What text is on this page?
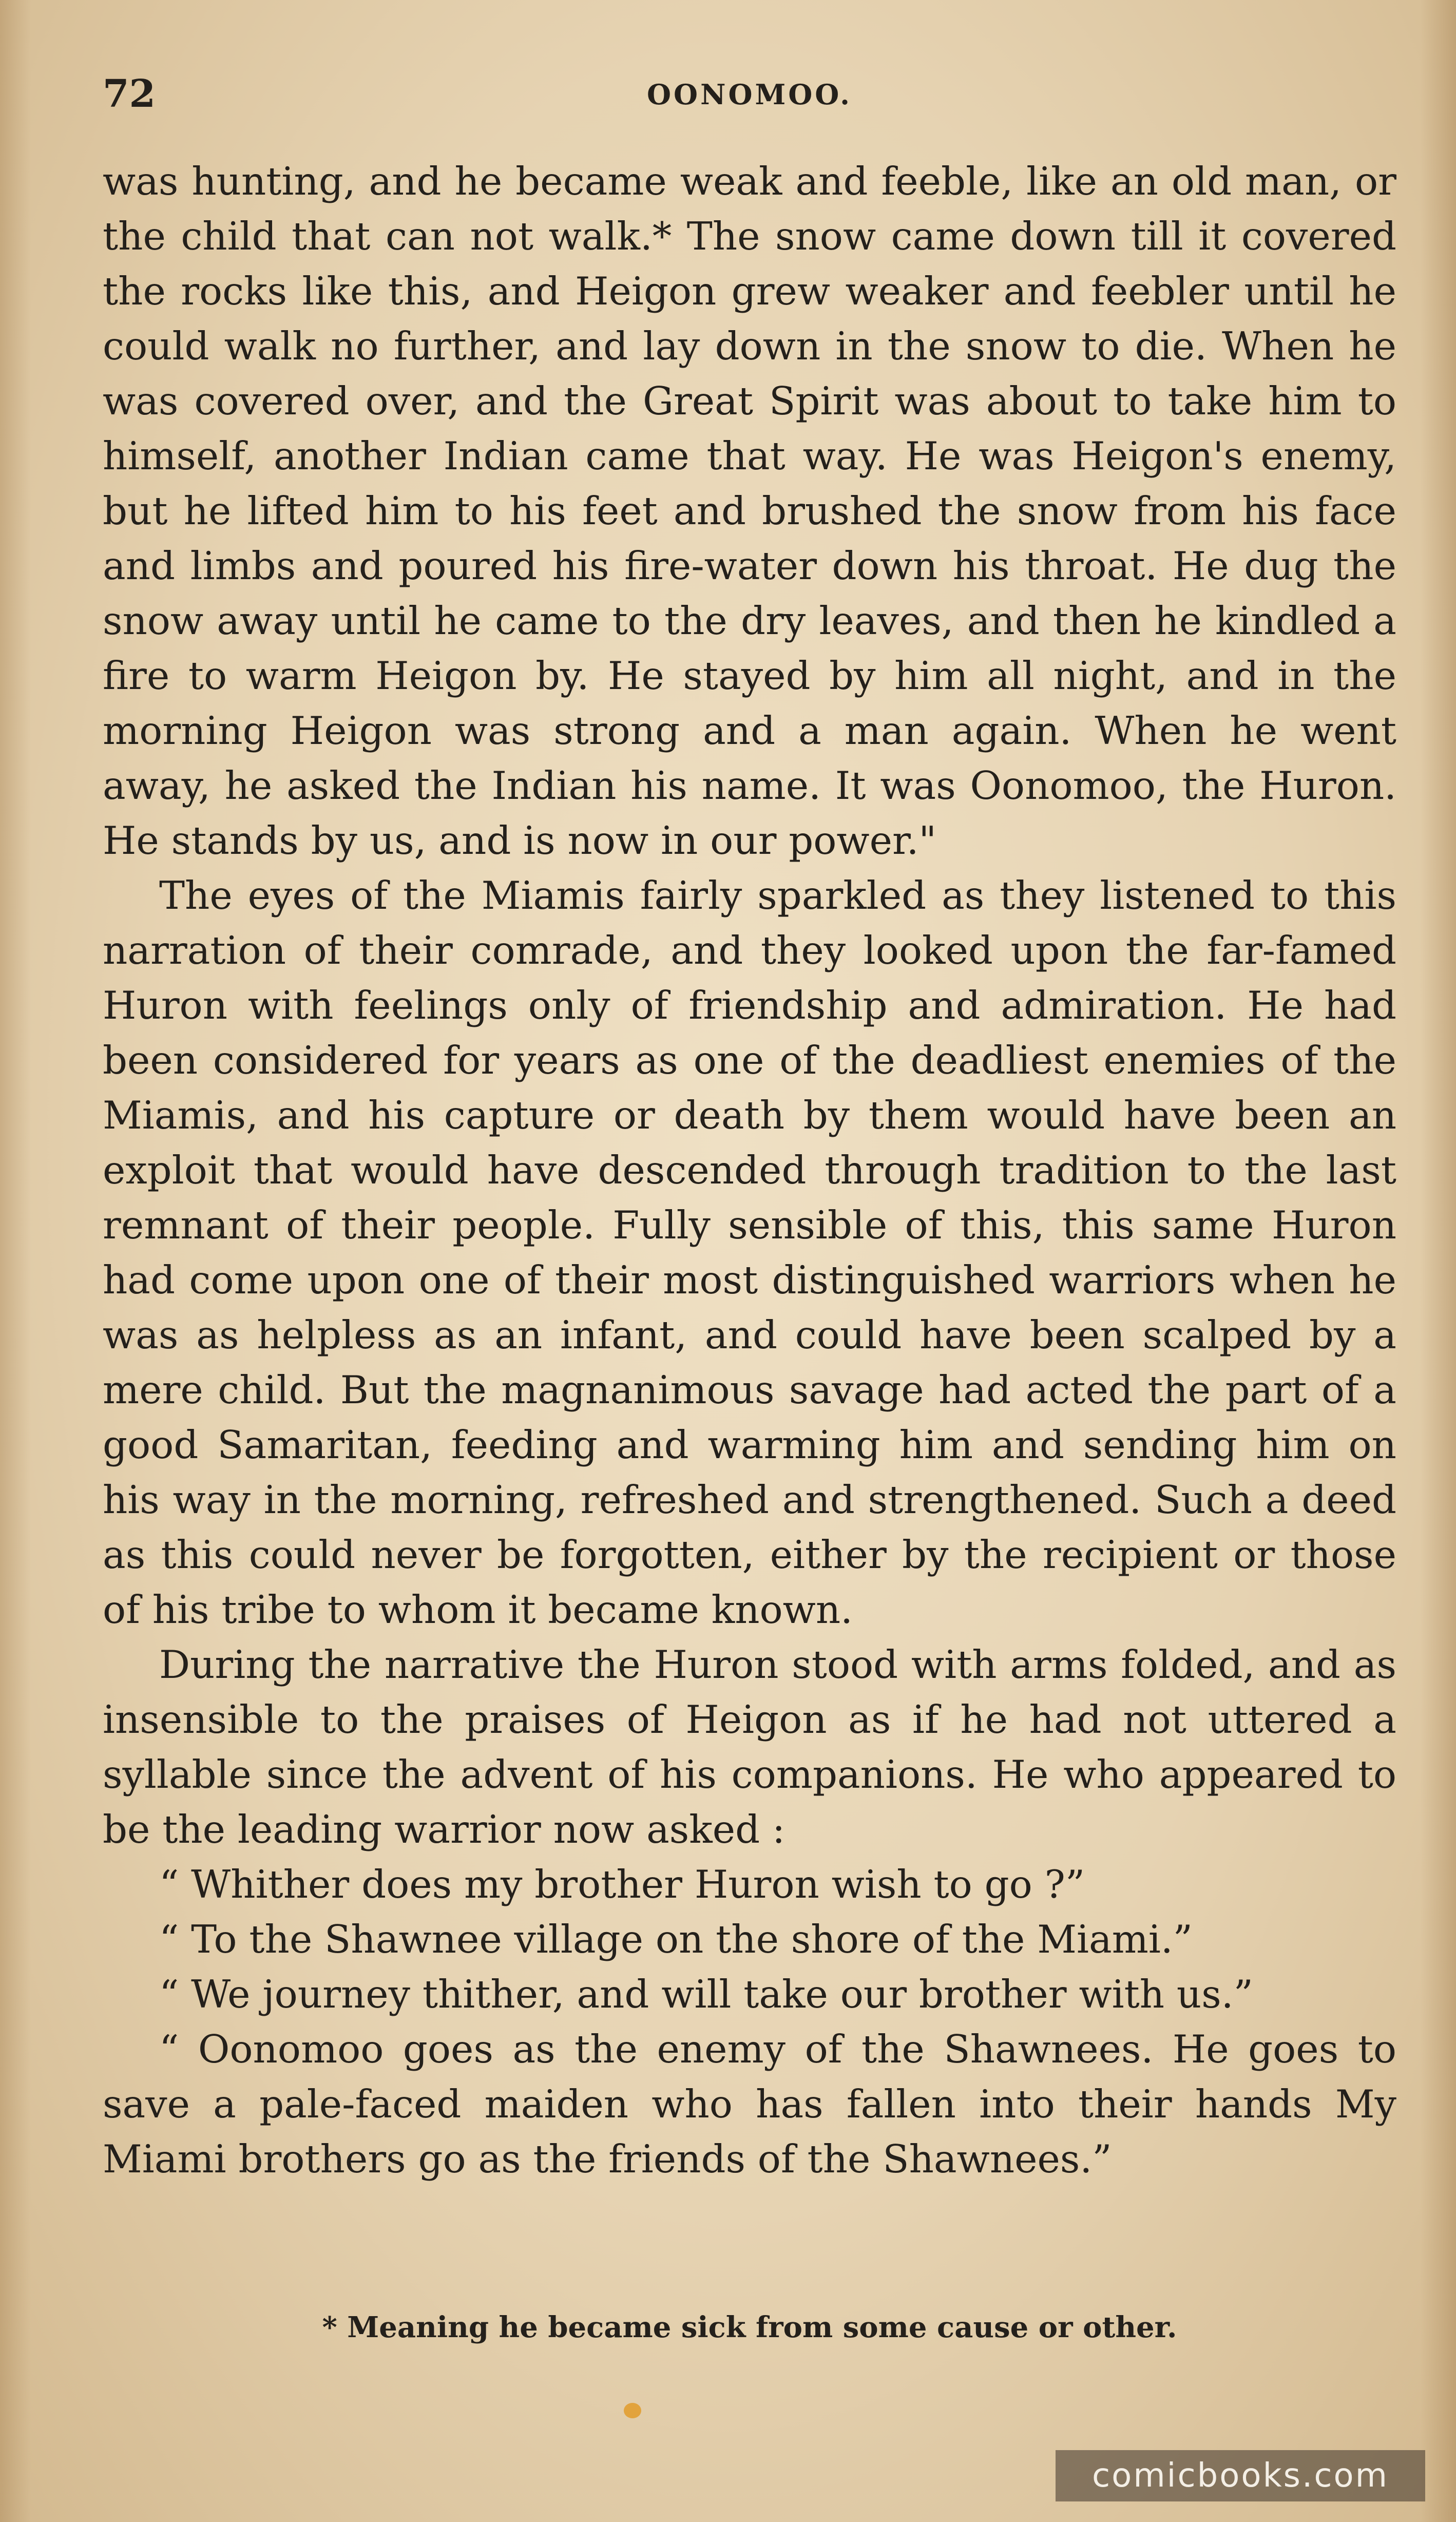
72	OONOMOO.

was hunting, and he became weak and feeble, like an old man, or the child that can not walk.* The snow came down till it covered the rocks like this, and Heigon grew weaker and feebler until he could walk no further, and lay down in the snow to die. When he was covered over, and the Great Spirit was about to take him to himself, another Indian came that way. He was Heigon's enemy, but he lifted him to his feet and brushed the snow from his face and limbs and poured his fire-water down his throat. He dug the snow away until he came to the dry leaves, and then he kindled a fire to warm Heigon by. He stayed by him all night, and in the morning Heigon was strong and a man again. When he went away, he asked the Indian his name. It was Oonomoo, the Huron. He stands by us, and is now in our power."

The eyes of the Miamis fairly sparkled as they listened to this narration of their comrade, and they looked upon the far-famed Huron with feelings only of friendship and admiration. He had been considered for years as one of the deadliest enemies of the Miamis, and his capture or death by them would have been an exploit that would have descended through tradition to the last remnant of their people. Fully sensible of this, this same Huron had come upon one of their most distinguished warriors when he was as helpless as an infant, and could have been scalped by a mere child. But the magnanimous savage had acted the part of a good Samaritan, feeding and warming him and sending him on his way in the morning, refreshed and strengthened. Such a deed as this could never be forgotten, either by the recipient or those of his tribe to whom it became known.

During the narrative the Huron stood with arms folded, and as insensible to the praises of Heigon as if he had not uttered a syllable since the advent of his companions. He who appeared to be the leading warrior now asked :

“ Whither does my brother Huron wish to go ?”

“ To the Shawnee village on the shore of the Miami.”

“ We journey thither, and will take our brother with us.”

“ Oonomoo goes as the enemy of the Shawnees. He goes to save a pale-faced maiden who has fallen into their hands My Miami brothers go as the friends of the Shawnees.”

* Meaning he became sick from some cause or other.
comicbooks.com
